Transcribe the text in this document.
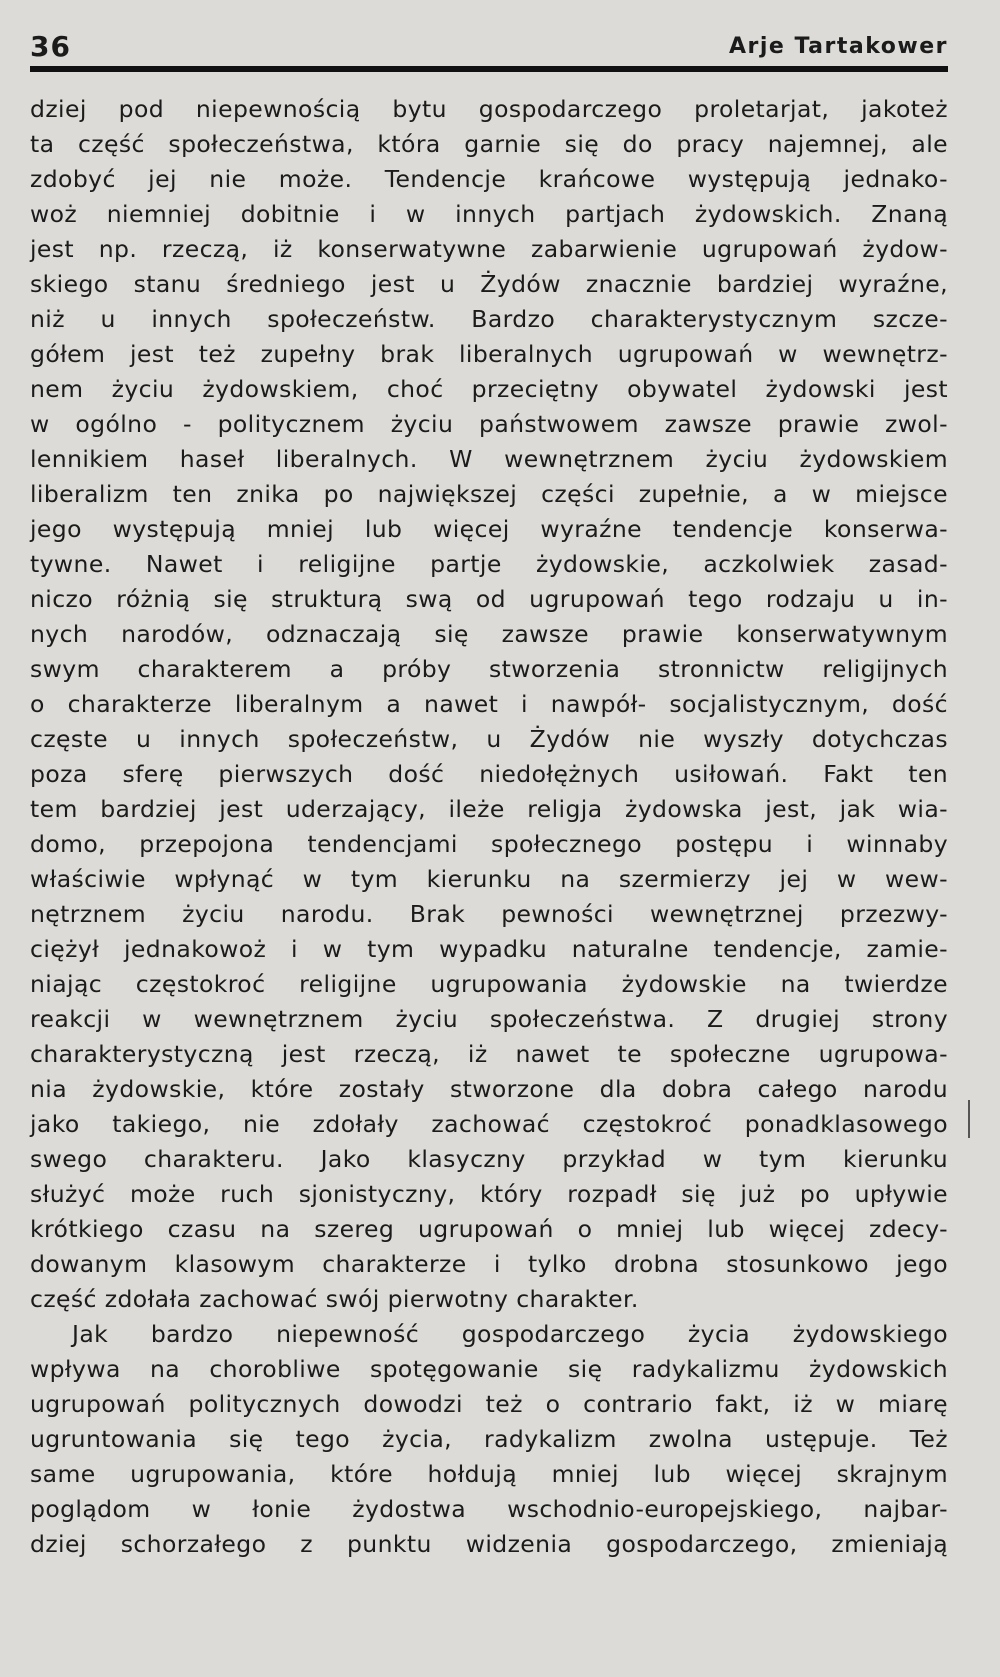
36	Arje Tartakower
dziej pod niepewnością bytu gospodarczego proletarjat, jakoteż
ta część społeczeństwa, która garnie się do pracy najemnej, ale
zdobyć jej nie może. Tendencje krańcowe występują jednako-
woż niemniej dobitnie i w innych partjach żydowskich. Znaną
jest np. rzeczą, iż konserwatywne zabarwienie ugrupowań żydow-
skiego stanu średniego jest u Żydów znacznie bardziej wyraźne,
niż u innych społeczeństw. Bardzo charakterystycznym szcze-
gółem jest też zupełny brak liberalnych ugrupowań w wewnętrz-
nem życiu żydowskiem, choć przeciętny obywatel żydowski jest
w ogólno - politycznem życiu państwowem zawsze prawie zwol-
lennikiem haseł liberalnych. W wewnętrznem życiu żydowskiem
liberalizm ten znika po największej części zupełnie, a w miejsce
jego występują mniej lub więcej wyraźne tendencje konserwa-
tywne. Nawet i religijne partje żydowskie, aczkolwiek zasad-
niczo różnią się strukturą swą od ugrupowań tego rodzaju u in-
nych narodów, odznaczają się zawsze prawie konserwatywnym
swym charakterem a próby stworzenia stronnictw religijnych
o charakterze liberalnym a nawet i nawpół- socjalistycznym, dość
częste u innych społeczeństw, u Żydów nie wyszły dotychczas
poza sferę pierwszych dość niedołężnych usiłowań. Fakt ten
tem bardziej jest uderzający, ileże religja żydowska jest, jak wia-
domo, przepojona tendencjami społecznego postępu i winnaby
właściwie wpłynąć w tym kierunku na szermierzy jej w wew-
nętrznem życiu narodu. Brak pewności wewnętrznej przezwy-
ciężył jednakowoż i w tym wypadku naturalne tendencje, zamie-
niając częstokroć religijne ugrupowania żydowskie na twierdze
reakcji w wewnętrznem życiu społeczeństwa. Z drugiej strony
charakterystyczną jest rzeczą, iż nawet te społeczne ugrupowa-
nia żydowskie, które zostały stworzone dla dobra całego narodu
jako takiego, nie zdołały zachować częstokroć ponadklasowego
swego charakteru. Jako klasyczny przykład w tym kierunku
służyć może ruch sjonistyczny, który rozpadł się już po upływie
krótkiego czasu na szereg ugrupowań o mniej lub więcej zdecy-
dowanym klasowym charakterze i tylko drobna stosunkowo jego
część zdołała zachować swój pierwotny charakter.
Jak bardzo niepewność gospodarczego życia żydowskiego
wpływa na chorobliwe spotęgowanie się radykalizmu żydowskich
ugrupowań politycznych dowodzi też o contrario fakt, iż w miarę
ugruntowania się tego życia, radykalizm zwolna ustępuje. Też
same ugrupowania, które hołdują mniej lub więcej skrajnym
poglądom w łonie żydostwa wschodnio-europejskiego, najbar-
dziej schorzałego z punktu widzenia gospodarczego, zmieniają
